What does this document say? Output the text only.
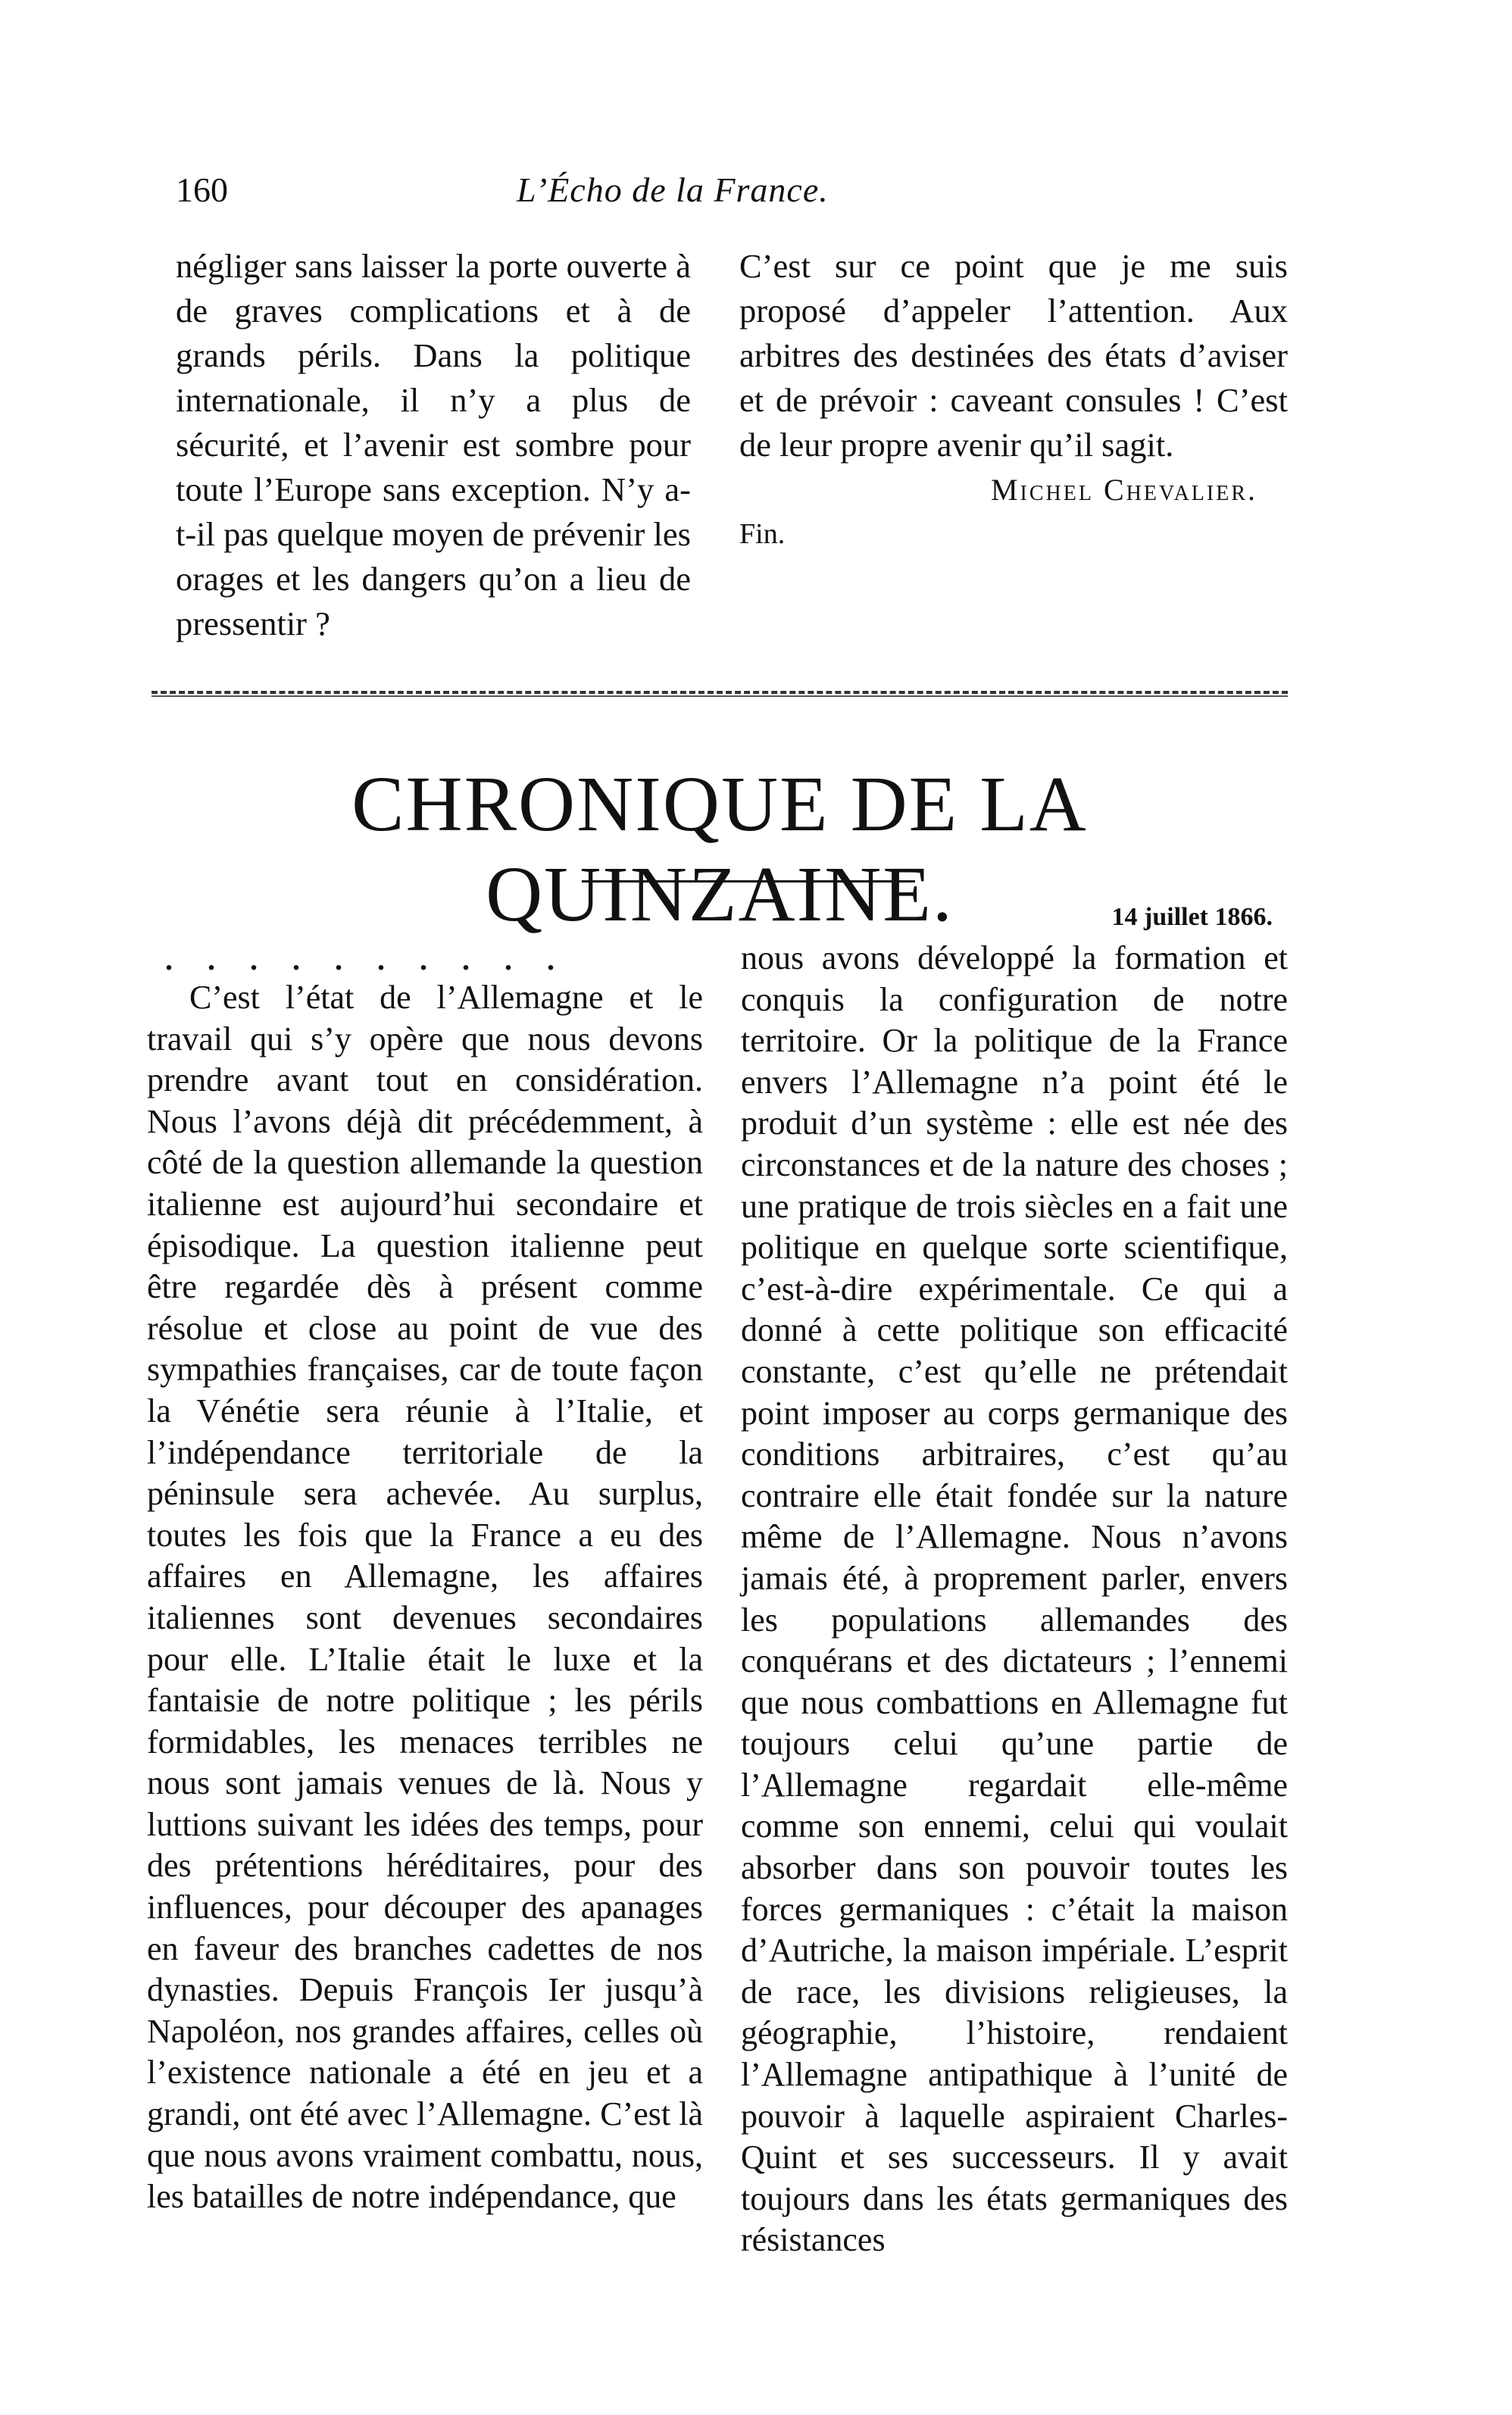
160	L’Écho de la France.

négliger sans laisser la porte ouverte à de graves complications et à de grands périls. Dans la politique internationale, il n’y a plus de sécurité, et l’avenir est sombre pour toute l’Europe sans exception. N’y a-t-il pas quelque moyen de prévenir les orages et les dangers qu’on a lieu de pressentir ?

C’est sur ce point que je me suis proposé d’appeler l’attention. Aux arbitres des destinées des états d’aviser et de prévoir : caveant consules ! C’est de leur propre avenir qu’il sagit.

Michel Chevalier.

Fin.

CHRONIQUE DE LA QUINZAINE.	14 juillet 1866.
. . . . . . . . . .

C’est l’état de l’Allemagne et le travail qui s’y opère que nous devons prendre avant tout en considération. Nous l’avons déjà dit précédemment, à côté de la question allemande la question italienne est aujourd’hui secondaire et épisodique. La question italienne peut être regardée dès à présent comme résolue et close au point de vue des sympathies françaises, car de toute façon la Vénétie sera réunie à l’Italie, et l’indépendance territoriale de la péninsule sera achevée. Au surplus, toutes les fois que la France a eu des affaires en Allemagne, les affaires italiennes sont devenues secondaires pour elle. L’Italie était le luxe et la fantaisie de notre politique ; les périls formidables, les menaces terribles ne nous sont jamais venues de là. Nous y luttions suivant les idées des temps, pour des prétentions héréditaires, pour des influences, pour découper des apanages en faveur des branches cadettes de nos dynasties. Depuis François Ier jusqu’à Napoléon, nos grandes affaires, celles où l’existence nationale a été en jeu et a grandi, ont été avec l’Allemagne. C’est là que nous avons vraiment combattu, nous, les batailles de notre indépendance, que

nous avons développé la formation et conquis la configuration de notre territoire. Or la politique de la France envers l’Allemagne n’a point été le produit d’un système : elle est née des circonstances et de la nature des choses ; une pratique de trois siècles en a fait une politique en quelque sorte scientifique, c’est-à-dire expérimentale. Ce qui a donné à cette politique son efficacité constante, c’est qu’elle ne prétendait point imposer au corps germanique des conditions arbitraires, c’est qu’au contraire elle était fondée sur la nature même de l’Allemagne. Nous n’avons jamais été, à proprement parler, envers les populations allemandes des conquérans et des dictateurs ; l’ennemi que nous combattions en Allemagne fut toujours celui qu’une partie de l’Allemagne regardait elle-même comme son ennemi, celui qui voulait absorber dans son pouvoir toutes les forces germaniques : c’était la maison d’Autriche, la maison impériale. L’esprit de race, les divisions religieuses, la géographie, l’histoire, rendaient l’Allemagne antipathique à l’unité de pouvoir à laquelle aspiraient Charles-Quint et ses successeurs. Il y avait toujours dans les états germaniques des résistances
